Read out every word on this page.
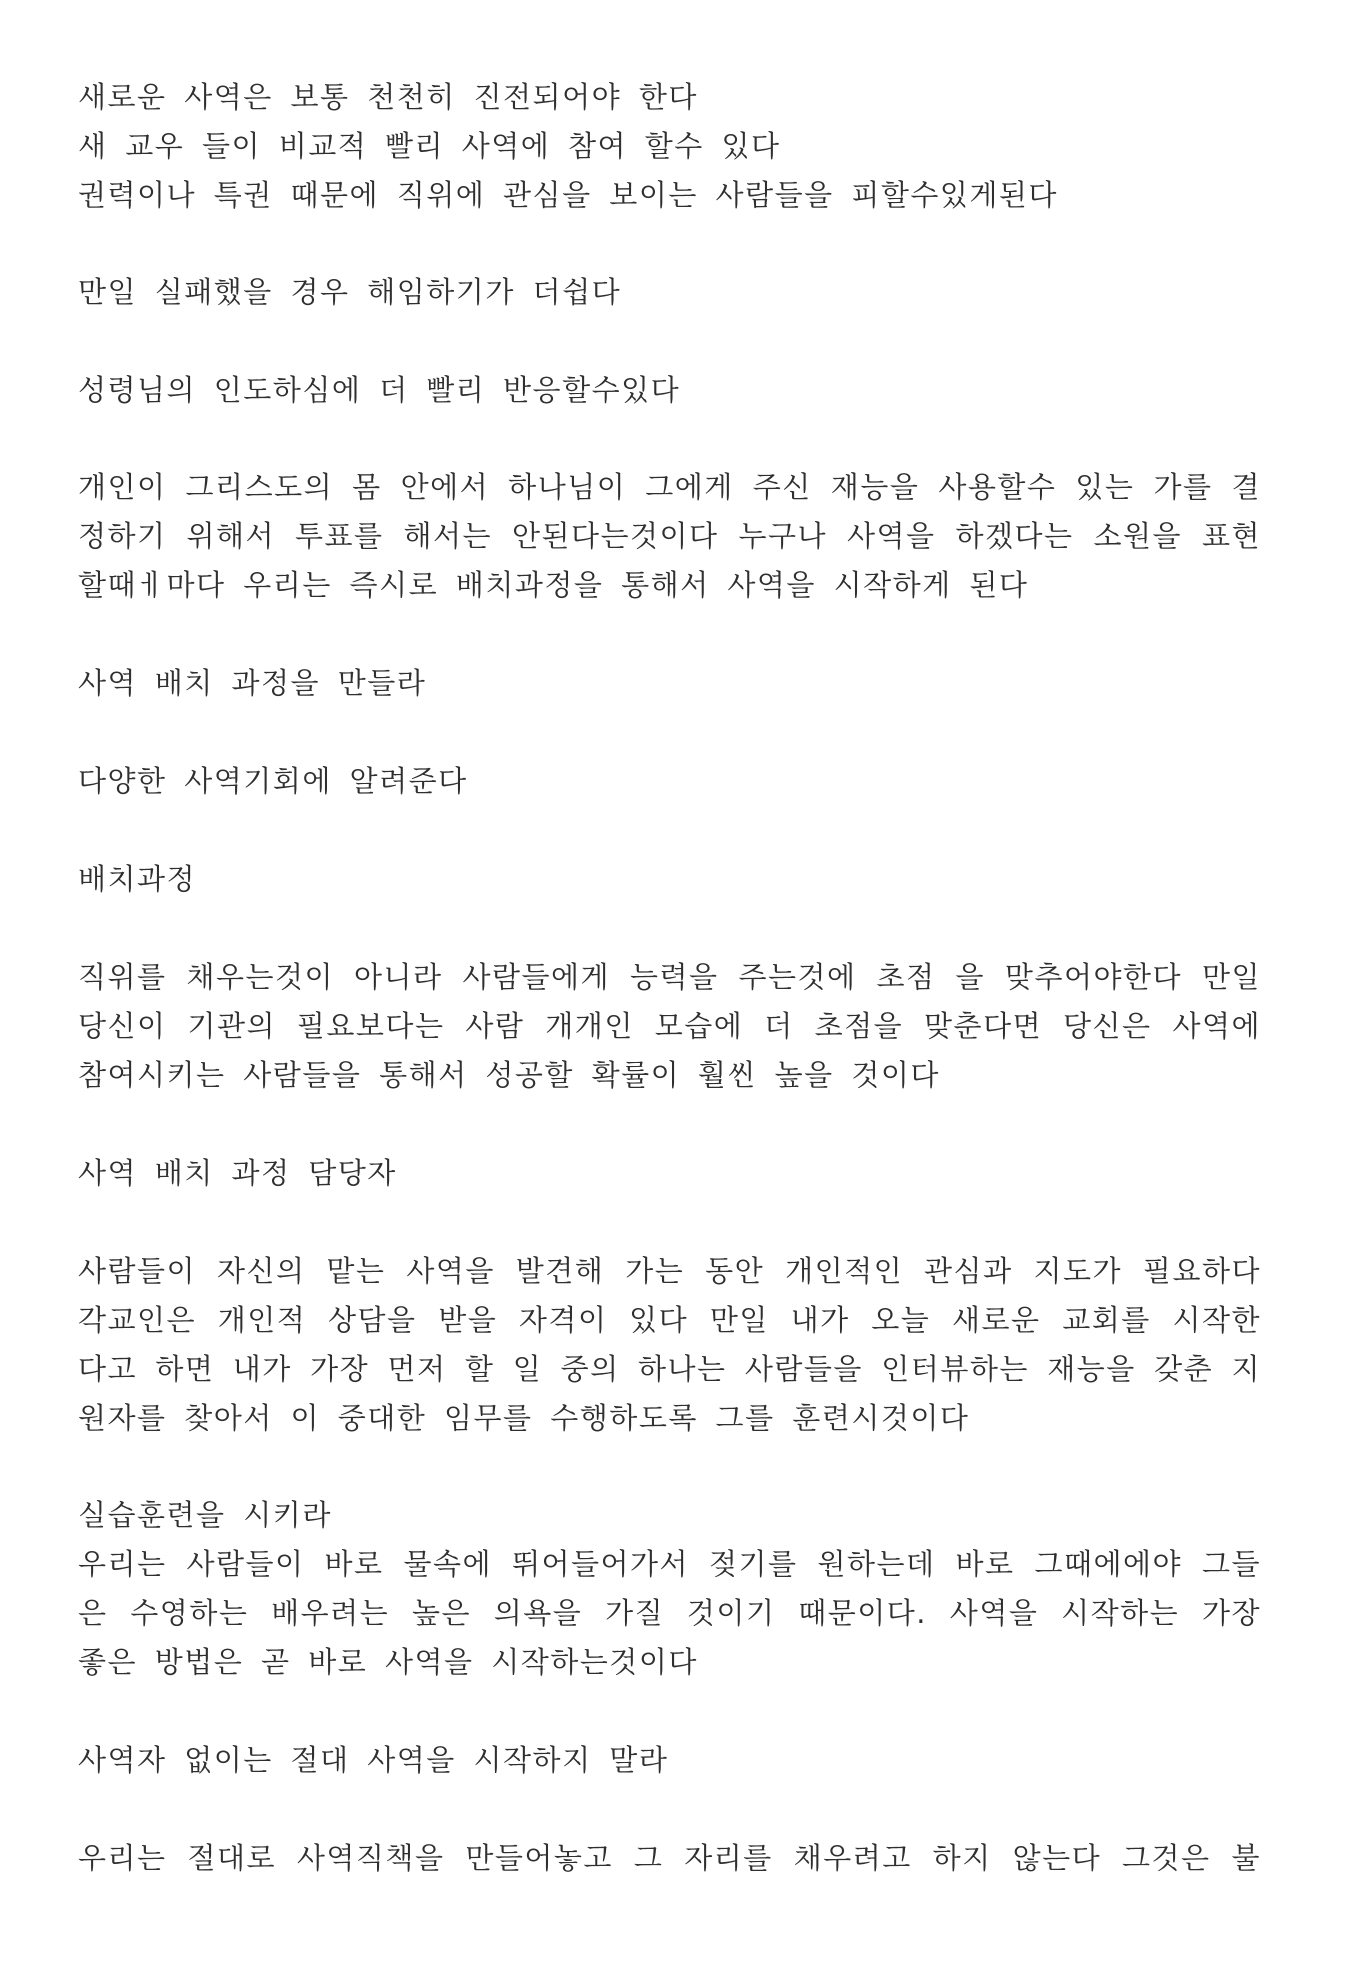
새로운 사역은 보통 천천히 진전되어야 한다
새 교우 들이 비교적 빨리 사역에 참여 할수 있다
권력이나 특권 때문에 직위에 관심을 보이는 사람들을 피할수있게된다
만일 실패했을 경우 해임하기가 더쉽다
성령님의 인도하심에 더 빨리 반응할수있다
개인이 그리스도의 몸 안에서 하나님이 그에게 주신 재능을 사용할수 있는 가를 결
정하기 위해서 투표를 해서는 안된다는것이다 누구나 사역을 하겠다는 소원을 표현
할때ㅔ마다 우리는 즉시로 배치과정을 통해서 사역을 시작하게 된다
사역 배치 과정을 만들라
다양한 사역기회에 알려준다
배치과정
직위를 채우는것이 아니라 사람들에게 능력을 주는것에 초점 을 맞추어야한다 만일
당신이 기관의 필요보다는 사람 개개인 모습에 더 초점을 맞춘다면 당신은 사역에
참여시키는 사람들을 통해서 성공할 확률이 훨씬 높을 것이다
사역 배치 과정 담당자
사람들이 자신의 맡는 사역을 발견해 가는 동안 개인적인 관심과 지도가 필요하다
각교인은 개인적 상담을 받을 자격이 있다 만일 내가 오늘 새로운 교회를 시작한
다고 하면 내가 가장 먼저 할 일 중의 하나는 사람들을 인터뷰하는 재능을 갖춘 지
원자를 찾아서 이 중대한 임무를 수행하도록 그를 훈련시것이다
실습훈련을 시키라
우리는 사람들이 바로 물속에 뛰어들어가서 젖기를 원하는데 바로 그때에에야 그들
은 수영하는 배우려는 높은 의욕을 가질 것이기 때문이다. 사역을 시작하는 가장
좋은 방법은 곧 바로 사역을 시작하는것이다
사역자 없이는 절대 사역을 시작하지 말라
우리는 절대로 사역직책을 만들어놓고 그 자리를 채우려고 하지 않는다 그것은 불
